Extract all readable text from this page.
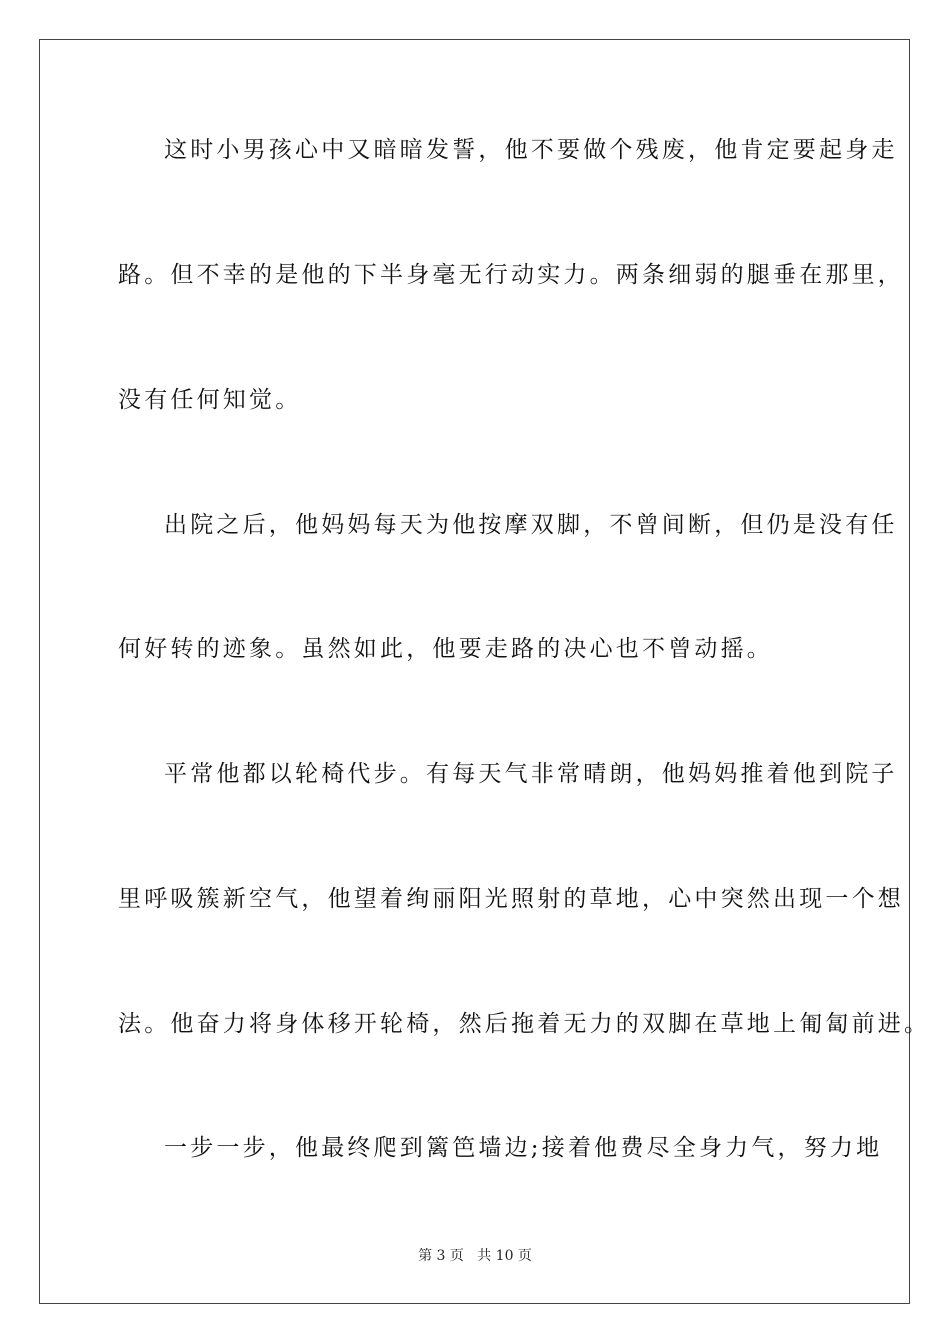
这时小男孩心中又暗暗发誓，他不要做个残废，他肯定要起身走
路。但不幸的是他的下半身毫无行动实力。两条细弱的腿垂在那里，
没有任何知觉。
出院之后，他妈妈每天为他按摩双脚，不曾间断，但仍是没有任
何好转的迹象。虽然如此，他要走路的决心也不曾动摇。
平常他都以轮椅代步。有每天气非常晴朗，他妈妈推着他到院子
里呼吸簇新空气，他望着绚丽阳光照射的草地，心中突然出现一个想
法。他奋力将身体移开轮椅，然后拖着无力的双脚在草地上匍匐前进。
一步一步，他最终爬到篱笆墙边;接着他费尽全身力气，努力地
第 3 页   共 10 页
